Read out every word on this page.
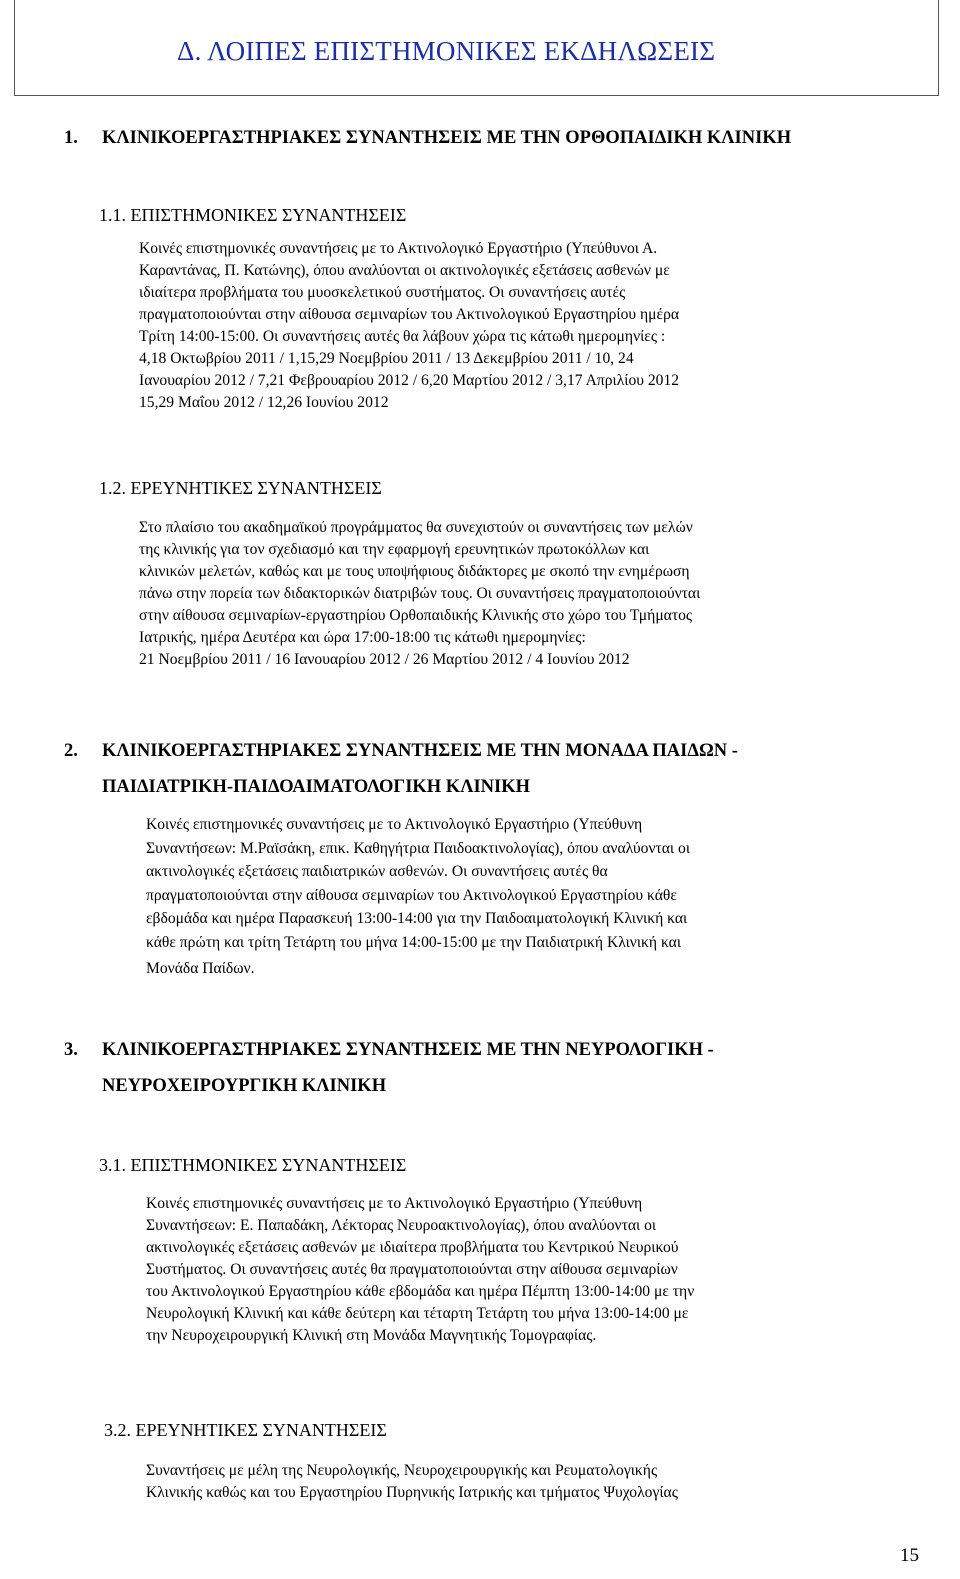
Δ. ΛΟΙΠΕΣ ΕΠΙΣΤΗΜΟΝΙΚΕΣ ΕΚΔΗΛΩΣΕΙΣ
1. ΚΛΙΝΙΚΟΕΡΓΑΣΤΗΡΙΑΚΕΣ ΣΥΝΑΝΤΗΣΕΙΣ ΜΕ ΤΗΝ ΟΡΘΟΠΑΙΔΙΚΗ ΚΛΙΝΙΚΗ
1.1. ΕΠΙΣΤΗΜΟΝΙΚΕΣ ΣΥΝΑΝΤΗΣΕΙΣ
Κοινές επιστημονικές συναντήσεις με το Ακτινολογικό Εργαστήριο (Υπεύθυνοι Α.
Καραντάνας, Π. Κατώνης), όπου αναλύονται οι ακτινολογικές εξετάσεις ασθενών με
ιδιαίτερα προβλήματα του μυοσκελετικού συστήματος. Οι συναντήσεις αυτές
πραγματοποιούνται στην αίθουσα σεμιναρίων του Ακτινολογικού Εργαστηρίου ημέρα
Τρίτη 14:00-15:00. Οι συναντήσεις αυτές θα λάβουν χώρα τις κάτωθι ημερομηνίες :
4,18 Οκτωβρίου 2011 / 1,15,29 Νοεμβρίου 2011 / 13 Δεκεμβρίου 2011 / 10, 24
Ιανουαρίου 2012 / 7,21 Φεβρουαρίου 2012 / 6,20 Μαρτίου 2012 / 3,17 Απριλίου 2012
15,29 Μαΐου 2012 / 12,26 Ιουνίου 2012
1.2. ΕΡΕΥΝΗΤΙΚΕΣ ΣΥΝΑΝΤΗΣΕΙΣ
Στο πλαίσιο του ακαδημαϊκού προγράμματος θα συνεχιστούν οι συναντήσεις των μελών
της κλινικής για τον σχεδιασμό και την εφαρμογή ερευνητικών πρωτοκόλλων και
κλινικών μελετών, καθώς και με τους υποψήφιους διδάκτορες με σκοπό την ενημέρωση
πάνω στην πορεία των διδακτορικών διατριβών τους. Οι συναντήσεις πραγματοποιούνται
στην αίθουσα σεμιναρίων-εργαστηρίου Ορθοπαιδικής Κλινικής στο χώρο του Τμήματος
Ιατρικής, ημέρα Δευτέρα και ώρα 17:00-18:00 τις κάτωθι ημερομηνίες:
21 Νοεμβρίου 2011 / 16 Ιανουαρίου 2012 / 26 Μαρτίου 2012 / 4 Ιουνίου 2012
2. ΚΛΙΝΙΚΟΕΡΓΑΣΤΗΡΙΑΚΕΣ ΣΥΝΑΝΤΗΣΕΙΣ ΜΕ ΤΗΝ ΜΟΝΑΔΑ ΠΑΙΔΩΝ -
ΠΑΙΔΙΑΤΡΙΚΗ-ΠΑΙΔΟΑΙΜΑΤΟΛΟΓΙΚΗ ΚΛΙΝΙΚΗ
Κοινές επιστημονικές συναντήσεις με το Ακτινολογικό Εργαστήριο (Υπεύθυνη
Συναντήσεων: Μ.Ραϊσάκη, επικ. Καθηγήτρια Παιδοακτινολογίας), όπου αναλύονται οι
ακτινολογικές εξετάσεις παιδιατρικών ασθενών. Οι συναντήσεις αυτές θα
πραγματοποιούνται στην αίθουσα σεμιναρίων του Ακτινολογικού Εργαστηρίου κάθε
εβδομάδα και ημέρα Παρασκευή 13:00-14:00 για την Παιδοαιματολογική Κλινική και
κάθε πρώτη και τρίτη Τετάρτη του μήνα 14:00-15:00 με την Παιδιατρική Κλινική και
Μονάδα Παίδων.
3. ΚΛΙΝΙΚΟΕΡΓΑΣΤΗΡΙΑΚΕΣ ΣΥΝΑΝΤΗΣΕΙΣ ΜΕ ΤΗΝ ΝΕΥΡΟΛΟΓΙΚΗ -
ΝΕΥΡΟΧΕΙΡΟΥΡΓΙΚΗ ΚΛΙΝΙΚΗ
3.1. ΕΠΙΣΤΗΜΟΝΙΚΕΣ ΣΥΝΑΝΤΗΣΕΙΣ
Κοινές επιστημονικές συναντήσεις με το Ακτινολογικό Εργαστήριο (Υπεύθυνη
Συναντήσεων: Ε. Παπαδάκη, Λέκτορας Νευροακτινολογίας), όπου αναλύονται οι
ακτινολογικές εξετάσεις ασθενών με ιδιαίτερα προβλήματα του Κεντρικού Νευρικού
Συστήματος. Οι συναντήσεις αυτές θα πραγματοποιούνται στην αίθουσα σεμιναρίων
του Ακτινολογικού Εργαστηρίου κάθε εβδομάδα και ημέρα Πέμπτη 13:00-14:00 με την
Νευρολογική Κλινική και κάθε δεύτερη και τέταρτη Τετάρτη του μήνα 13:00-14:00 με
την Νευροχειρουργική Κλινική στη Μονάδα Μαγνητικής Τομογραφίας.
3.2. ΕΡΕΥΝΗΤΙΚΕΣ ΣΥΝΑΝΤΗΣΕΙΣ
Συναντήσεις με μέλη της Νευρολογικής, Νευροχειρουργικής και Ρευματολογικής
Κλινικής καθώς και του Εργαστηρίου Πυρηνικής Ιατρικής και τμήματος Ψυχολογίας
15
